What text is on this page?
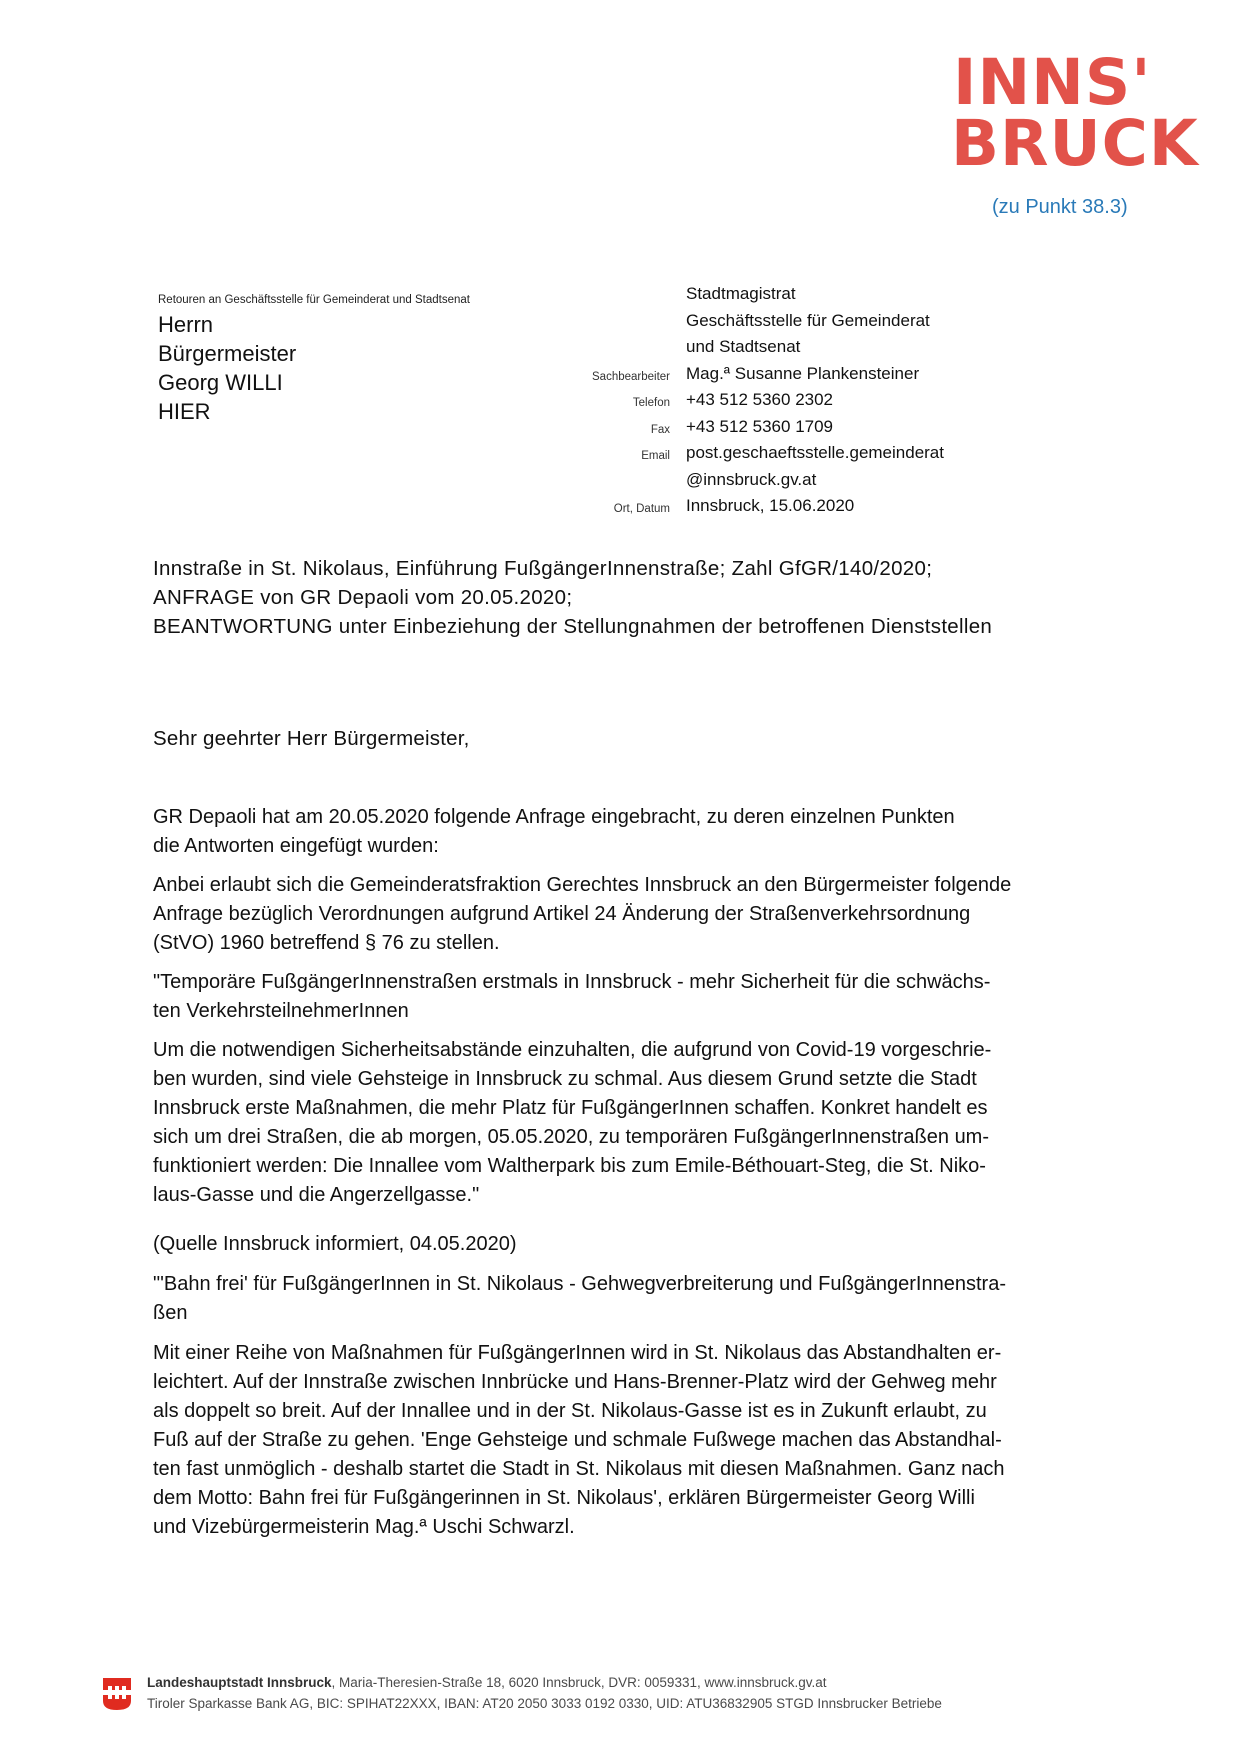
INNS'
BRUCK
(zu Punkt 38.3)
Retouren an Geschäftsstelle für Gemeinderat und Stadtsenat
Herrn
Bürgermeister
Georg WILLI
HIER
Stadtmagistrat
Geschäftsstelle für Gemeinderat
und Stadtsenat
Sachbearbeiter Mag.ª Susanne Plankensteiner
Telefon +43 512 5360 2302
Fax +43 512 5360 1709
Email post.geschaeftsstelle.gemeinderat
@innsbruck.gv.at
Ort, Datum Innsbruck, 15.06.2020
Innstraße in St. Nikolaus, Einführung FußgängerInnenstraße; Zahl GfGR/140/2020;
ANFRAGE von GR Depaoli vom 20.05.2020;
BEANTWORTUNG unter Einbeziehung der Stellungnahmen der betroffenen Dienststellen
Sehr geehrter Herr Bürgermeister,
GR Depaoli hat am 20.05.2020 folgende Anfrage eingebracht, zu deren einzelnen Punkten
die Antworten eingefügt wurden:
Anbei erlaubt sich die Gemeinderatsfraktion Gerechtes Innsbruck an den Bürgermeister folgende
Anfrage bezüglich Verordnungen aufgrund Artikel 24 Änderung der Straßenverkehrsordnung
(StVO) 1960 betreffend § 76 zu stellen.
"Temporäre FußgängerInnenstraßen erstmals in Innsbruck - mehr Sicherheit für die schwächs-
ten VerkehrsteilnehmerInnen
Um die notwendigen Sicherheitsabstände einzuhalten, die aufgrund von Covid-19 vorgeschrie-
ben wurden, sind viele Gehsteige in Innsbruck zu schmal. Aus diesem Grund setzte die Stadt
Innsbruck erste Maßnahmen, die mehr Platz für FußgängerInnen schaffen. Konkret handelt es
sich um drei Straßen, die ab morgen, 05.05.2020, zu temporären FußgängerInnenstraßen um-
funktioniert werden: Die Innallee vom Waltherpark bis zum Emile-Béthouart-Steg, die St. Niko-
laus-Gasse und die Angerzellgasse."
(Quelle Innsbruck informiert, 04.05.2020)
"'Bahn frei' für FußgängerInnen in St. Nikolaus - Gehwegverbreiterung und FußgängerInnenstra-
ßen
Mit einer Reihe von Maßnahmen für FußgängerInnen wird in St. Nikolaus das Abstandhalten er-
leichtert. Auf der Innstraße zwischen Innbrücke und Hans-Brenner-Platz wird der Gehweg mehr
als doppelt so breit. Auf der Innallee und in der St. Nikolaus-Gasse ist es in Zukunft erlaubt, zu
Fuß auf der Straße zu gehen. 'Enge Gehsteige und schmale Fußwege machen das Abstandhal-
ten fast unmöglich - deshalb startet die Stadt in St. Nikolaus mit diesen Maßnahmen. Ganz nach
dem Motto: Bahn frei für Fußgängerinnen in St. Nikolaus', erklären Bürgermeister Georg Willi
und Vizebürgermeisterin Mag.ª Uschi Schwarzl.
Landeshauptstadt Innsbruck, Maria-Theresien-Straße 18, 6020 Innsbruck, DVR: 0059331, www.innsbruck.gv.at
Tiroler Sparkasse Bank AG, BIC: SPIHAT22XXX, IBAN: AT20 2050 3033 0192 0330, UID: ATU36832905 STGD Innsbrucker Betriebe
